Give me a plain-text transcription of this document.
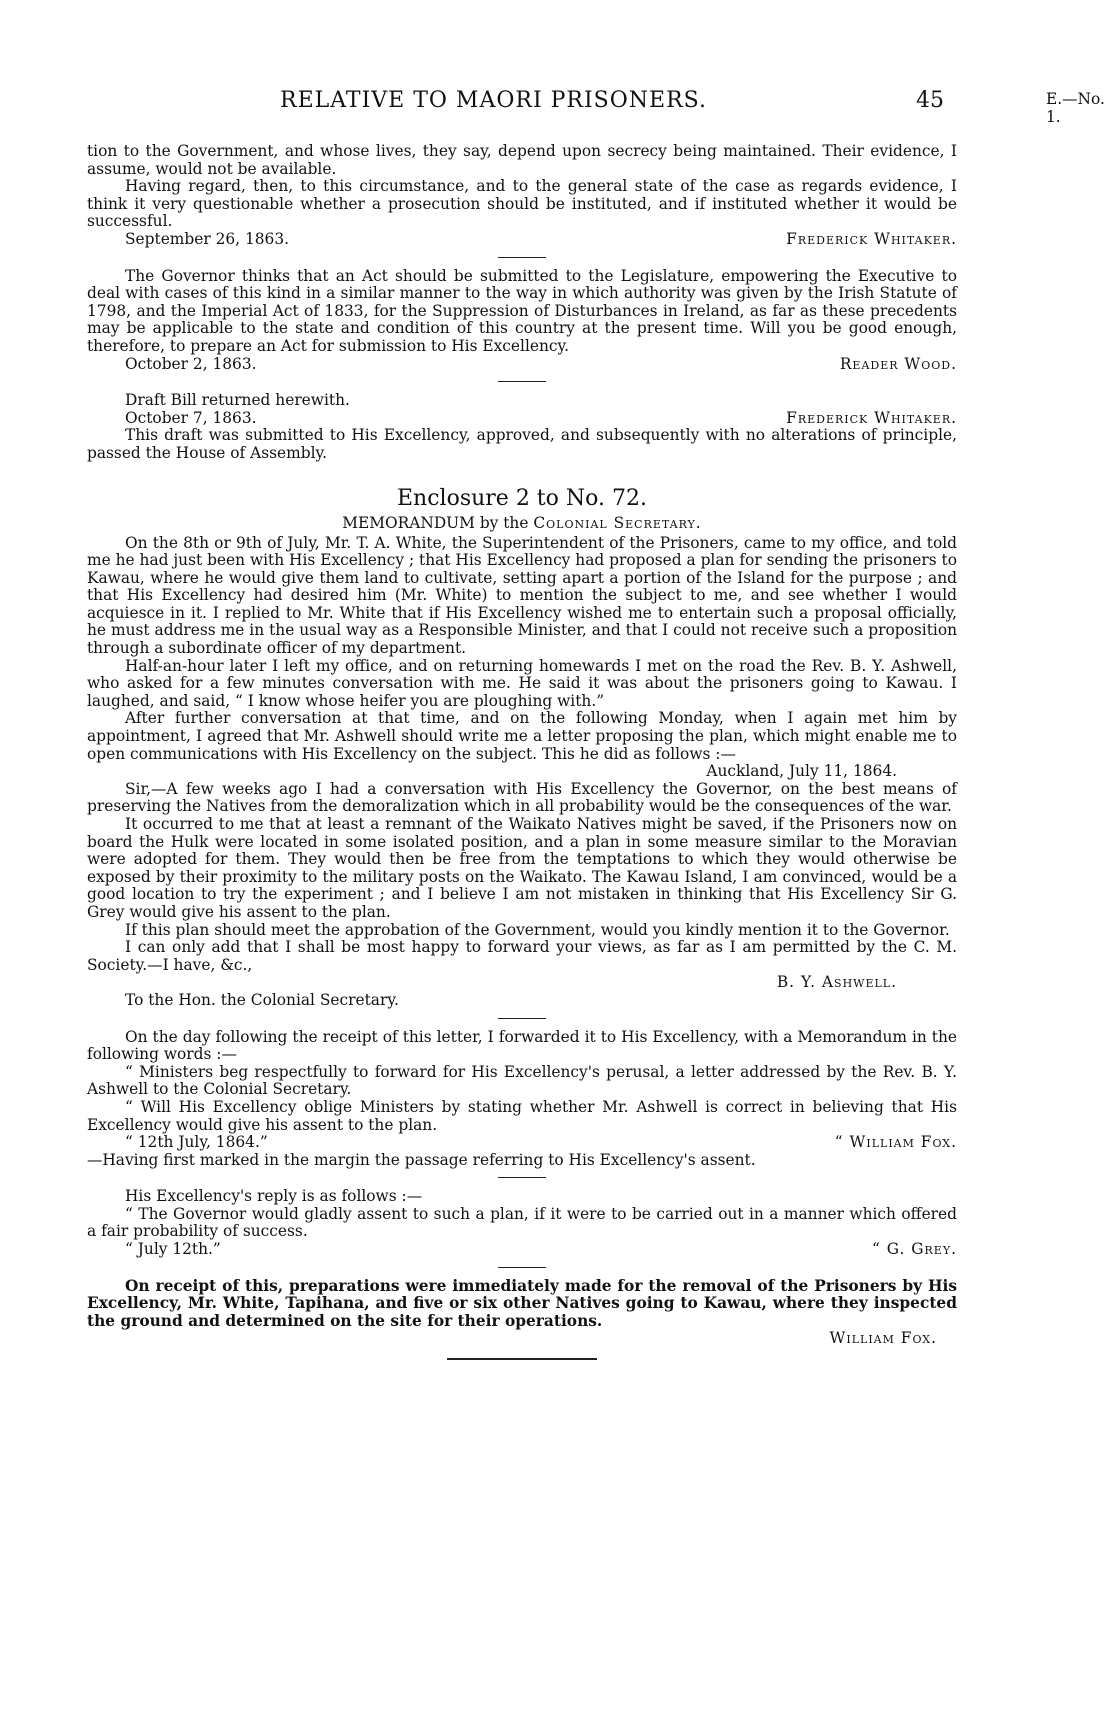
RELATIVE TO MAORI PRISONERS.	45	E.—No. 1.

tion to the Government, and whose lives, they say, depend upon secrecy being maintained. Their evidence, I assume, would not be available.

Having regard, then, to this circumstance, and to the general state of the case as regards evidence, I think it very questionable whether a prosecution should be instituted, and if instituted whether it would be successful.

September 26, 1863.	Frederick Whitaker.

The Governor thinks that an Act should be submitted to the Legislature, empowering the Executive to deal with cases of this kind in a similar manner to the way in which authority was given by the Irish Statute of 1798, and the Imperial Act of 1833, for the Suppression of Disturbances in Ireland, as far as these precedents may be applicable to the state and condition of this country at the present time. Will you be good enough, therefore, to prepare an Act for submission to His Excellency.

October 2, 1863.	Reader Wood.

Draft Bill returned herewith.

October 7, 1863.	Frederick Whitaker.

This draft was submitted to His Excellency, approved, and subsequently with no alterations of principle, passed the House of Assembly.

Enclosure 2 to No. 72.
MEMORANDUM by the Colonial Secretary.

On the 8th or 9th of July, Mr. T. A. White, the Superintendent of the Prisoners, came to my office, and told me he had just been with His Excellency ; that His Excellency had proposed a plan for sending the prisoners to Kawau, where he would give them land to cultivate, setting apart a portion of the Island for the purpose ; and that His Excellency had desired him (Mr. White) to mention the subject to me, and see whether I would acquiesce in it. I replied to Mr. White that if His Excellency wished me to entertain such a proposal officially, he must address me in the usual way as a Responsible Minister, and that I could not receive such a proposition through a subordinate officer of my department.

Half-an-hour later I left my office, and on returning homewards I met on the road the Rev. B. Y. Ashwell, who asked for a few minutes conversation with me. He said it was about the prisoners going to Kawau. I laughed, and said, “ I know whose heifer you are ploughing with.”

After further conversation at that time, and on the following Monday, when I again met him by appointment, I agreed that Mr. Ashwell should write me a letter proposing the plan, which might enable me to open communications with His Excellency on the subject. This he did as follows :—

Auckland, July 11, 1864.

Sir,—A few weeks ago I had a conversation with His Excellency the Governor, on the best means of preserving the Natives from the demoralization which in all probability would be the consequences of the war.

It occurred to me that at least a remnant of the Waikato Natives might be saved, if the Prisoners now on board the Hulk were located in some isolated position, and a plan in some measure similar to the Moravian were adopted for them. They would then be free from the temptations to which they would otherwise be exposed by their proximity to the military posts on the Waikato. The Kawau Island, I am convinced, would be a good location to try the experiment ; and I believe I am not mistaken in thinking that His Excellency Sir G. Grey would give his assent to the plan.

If this plan should meet the approbation of the Government, would you kindly mention it to the Governor.

I can only add that I shall be most happy to forward your views, as far as I am permitted by the C. M. Society.—I have, &c.,

B. Y. Ashwell.

To the Hon. the Colonial Secretary.

On the day following the receipt of this letter, I forwarded it to His Excellency, with a Memorandum in the following words :—

“ Ministers beg respectfully to forward for His Excellency's perusal, a letter addressed by the Rev. B. Y. Ashwell to the Colonial Secretary.

“ Will His Excellency oblige Ministers by stating whether Mr. Ashwell is correct in believing that His Excellency would give his assent to the plan.

“ 12th July, 1864.”	“ William Fox.

—Having first marked in the margin the passage referring to His Excellency's assent.

His Excellency's reply is as follows :—

“ The Governor would gladly assent to such a plan, if it were to be carried out in a manner which offered a fair probability of success.

“ July 12th.”	“ G. Grey.

On receipt of this, preparations were immediately made for the removal of the Prisoners by His Excellency, Mr. White, Tapihana, and five or six other Natives going to Kawau, where they inspected the ground and determined on the site for their operations.

William Fox.
